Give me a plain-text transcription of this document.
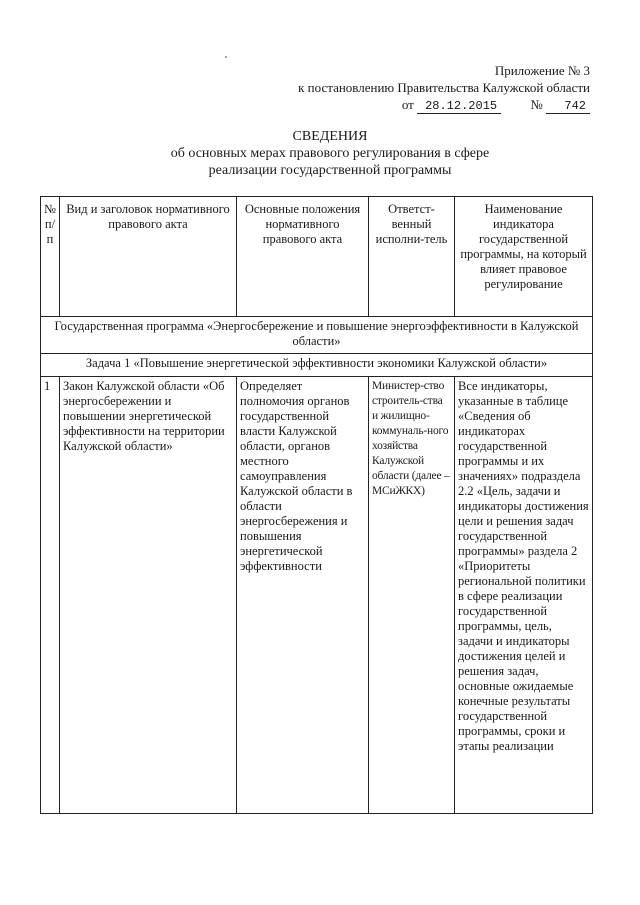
Приложение № 3
к постановлению Правительства Калужской области
от 28.12.2015	№ 742
СВЕДЕНИЯ
об основных мерах правового регулирования в сфере
реализации государственной программы
№ п/п	Вид и заголовок нормативного правового акта	Основные положения нормативного правового акта	Ответст-венный исполни-тель	Наименование индикатора государственной программы, на который влияет правовое регулирование
Государственная программа «Энергосбережение и повышение энергоэффективности в Калужской области»				
Задача 1 «Повышение энергетической эффективности экономики Калужской области»				
1	Закон Калужской области «Об энергосбережении и повышении энергетической эффективности на территории Калужской области»	Определяет полномочия органов государственной власти Калужской области, органов местного самоуправления Калужской области в области энергосбережения и повышения энергетической эффективности	Министер-ство строитель-ства и жилищно-коммуналь-ного хозяйства Калужской области (далее – МСиЖКХ)	Все индикаторы, указанные в таблице «Сведения об индикаторах государственной программы и их значениях» подраздела 2.2 «Цель, задачи и индикаторы достижения цели и решения задач государственной программы» раздела 2 «Приоритеты региональной политики в сфере реализации государственной программы, цель, задачи и индикаторы достижения целей и решения задач, основные ожидаемые конечные результаты государственной программы, сроки и этапы реализации
